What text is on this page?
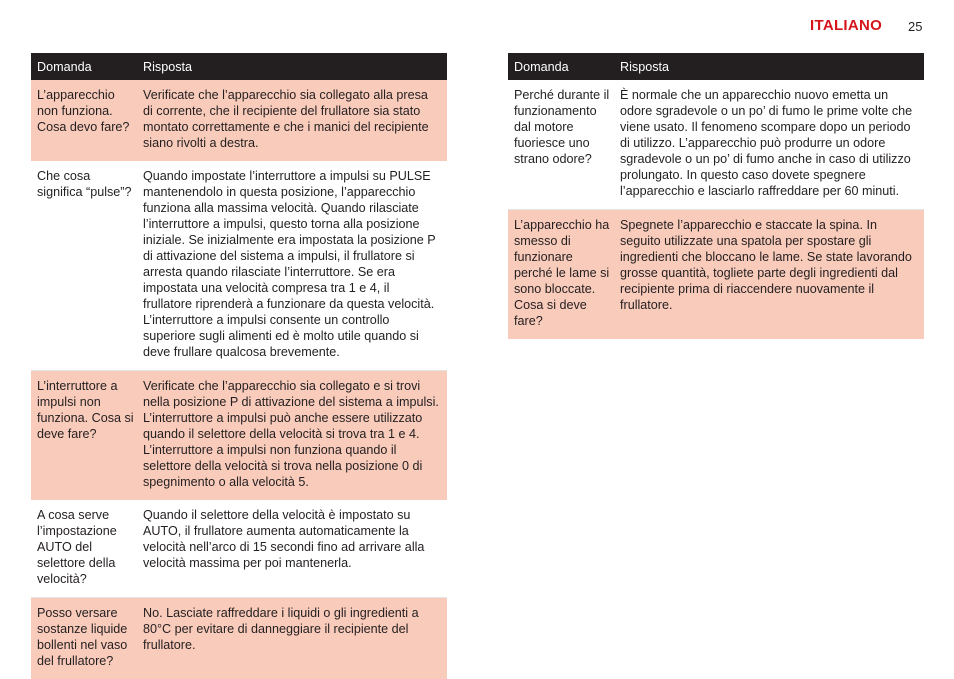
ITALIANO 25
Domanda	Risposta
L’apparecchio non funziona. Cosa devo fare?	Verificate che l’apparecchio sia collegato alla presa di corrente, che il recipiente del frullatore sia stato montato correttamente e che i manici del recipiente siano rivolti a destra.
Che cosa significa “pulse”?	Quando impostate l’interruttore a impulsi su PULSE mantenendolo in questa posizione, l’apparecchio funziona alla massima velocità. Quando rilasciate l’interruttore a impulsi, questo torna alla posizione iniziale. Se inizialmente era impostata la posizione P di attivazione del sistema a impulsi, il frullatore si arresta quando rilasciate l’interruttore. Se era impostata una velocità compresa tra 1 e 4, il frullatore riprenderà a funzionare da questa velocità. L’interruttore a impulsi consente un controllo superiore sugli alimenti ed è molto utile quando si deve frullare qualcosa brevemente.
L’interruttore a impulsi non funziona. Cosa si deve fare?	Verificate che l’apparecchio sia collegato e si trovi nella posizione P di attivazione del sistema a impulsi. L’interruttore a impulsi può anche essere utilizzato quando il selettore della velocità si trova tra 1 e 4. L’interruttore a impulsi non funziona quando il selettore della velocità si trova nella posizione 0 di spegnimento o alla velocità 5.
A cosa serve l’impostazione AUTO del selettore della velocità?	Quando il selettore della velocità è impostato su AUTO, il frullatore aumenta automaticamente la velocità nell’arco di 15 secondi fino ad arrivare alla velocità massima per poi mantenerla.
Posso versare sostanze liquide bollenti nel vaso del frullatore?	No. Lasciate raffreddare i liquidi o gli ingredienti a 80°C per evitare di danneggiare il recipiente del frullatore.
Domanda	Risposta
Perché durante il funzionamento dal motore fuoriesce uno strano odore?	È normale che un apparecchio nuovo emetta un odore sgradevole o un po’ di fumo le prime volte che viene usato. Il fenomeno scompare dopo un periodo di utilizzo. L’apparecchio può produrre un odore sgradevole o un po’ di fumo anche in caso di utilizzo prolungato. In questo caso dovete spegnere l’apparecchio e lasciarlo raffreddare per 60 minuti.
L’apparecchio ha smesso di funzionare perché le lame si sono bloccate. Cosa si deve fare?	Spegnete l’apparecchio e staccate la spina. In seguito utilizzate una spatola per spostare gli ingredienti che bloccano le lame. Se state lavorando grosse quantità, togliete parte degli ingredienti dal recipiente prima di riaccendere nuovamente il frullatore.
